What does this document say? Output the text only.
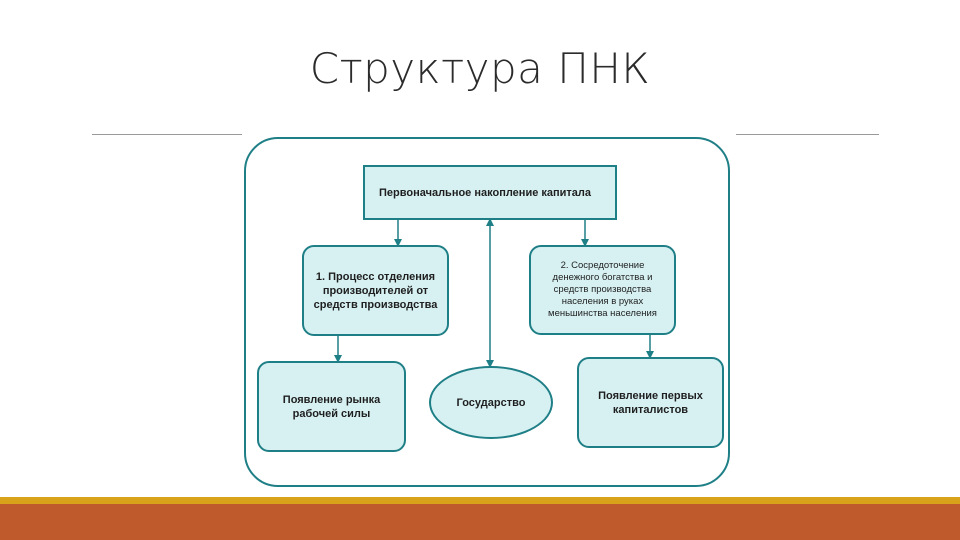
Структура ПНК
Первоначальное накопление капитала
1. Процесс отделения производителей от средств производства
2. Сосредоточение денежного богатства и средств производства населения в руках меньшинства населения
Появление рынка рабочей силы
Государство
Появление первых капиталистов
